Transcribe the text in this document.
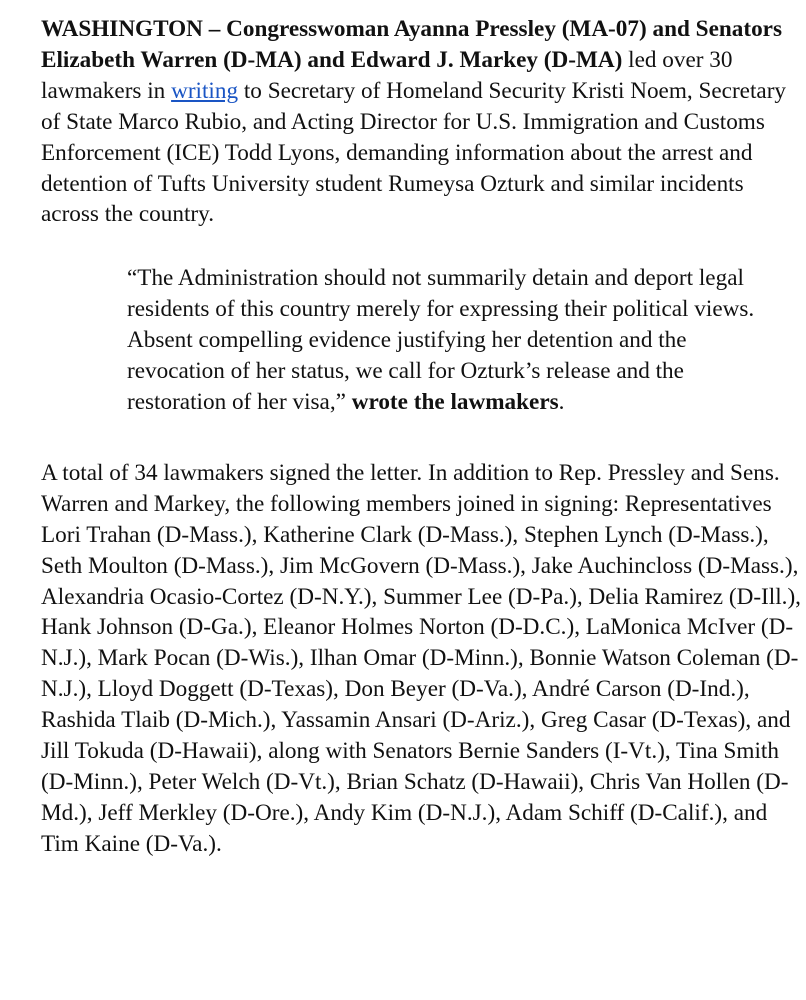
WASHINGTON – Congresswoman Ayanna Pressley (MA-07) and Senators Elizabeth Warren (D-MA) and Edward J. Markey (D-MA) led over 30 lawmakers in writing to Secretary of Homeland Security Kristi Noem, Secretary of State Marco Rubio, and Acting Director for U.S. Immigration and Customs Enforcement (ICE) Todd Lyons, demanding information about the arrest and detention of Tufts University student Rumeysa Ozturk and similar incidents across the country.

“The Administration should not summarily detain and deport legal residents of this country merely for expressing their political views. Absent compelling evidence justifying her detention and the revocation of her status, we call for Ozturk’s release and the restoration of her visa,” wrote the lawmakers.

A total of 34 lawmakers signed the letter. In addition to Rep. Pressley and Sens. Warren and Markey, the following members joined in signing: Representatives Lori Trahan (D-Mass.), Katherine Clark (D-Mass.), Stephen Lynch (D-Mass.), Seth Moulton (D-Mass.), Jim McGovern (D-Mass.), Jake Auchincloss (D-Mass.), Alexandria Ocasio-Cortez (D-N.Y.), Summer Lee (D-Pa.), Delia Ramirez (D-Ill.), Hank Johnson (D-Ga.), Eleanor Holmes Norton (D-D.C.), LaMonica McIver (D-N.J.), Mark Pocan (D-Wis.), Ilhan Omar (D-Minn.), Bonnie Watson Coleman (D-N.J.), Lloyd Doggett (D-Texas), Don Beyer (D-Va.), André Carson (D-Ind.), Rashida Tlaib (D-Mich.), Yassamin Ansari (D-Ariz.), Greg Casar (D-Texas), and Jill Tokuda (D-Hawaii), along with Senators Bernie Sanders (I-Vt.), Tina Smith (D-Minn.), Peter Welch (D-Vt.), Brian Schatz (D-Hawaii), Chris Van Hollen (D-Md.), Jeff Merkley (D-Ore.), Andy Kim (D-N.J.), Adam Schiff (D-Calif.), and Tim Kaine (D-Va.).
